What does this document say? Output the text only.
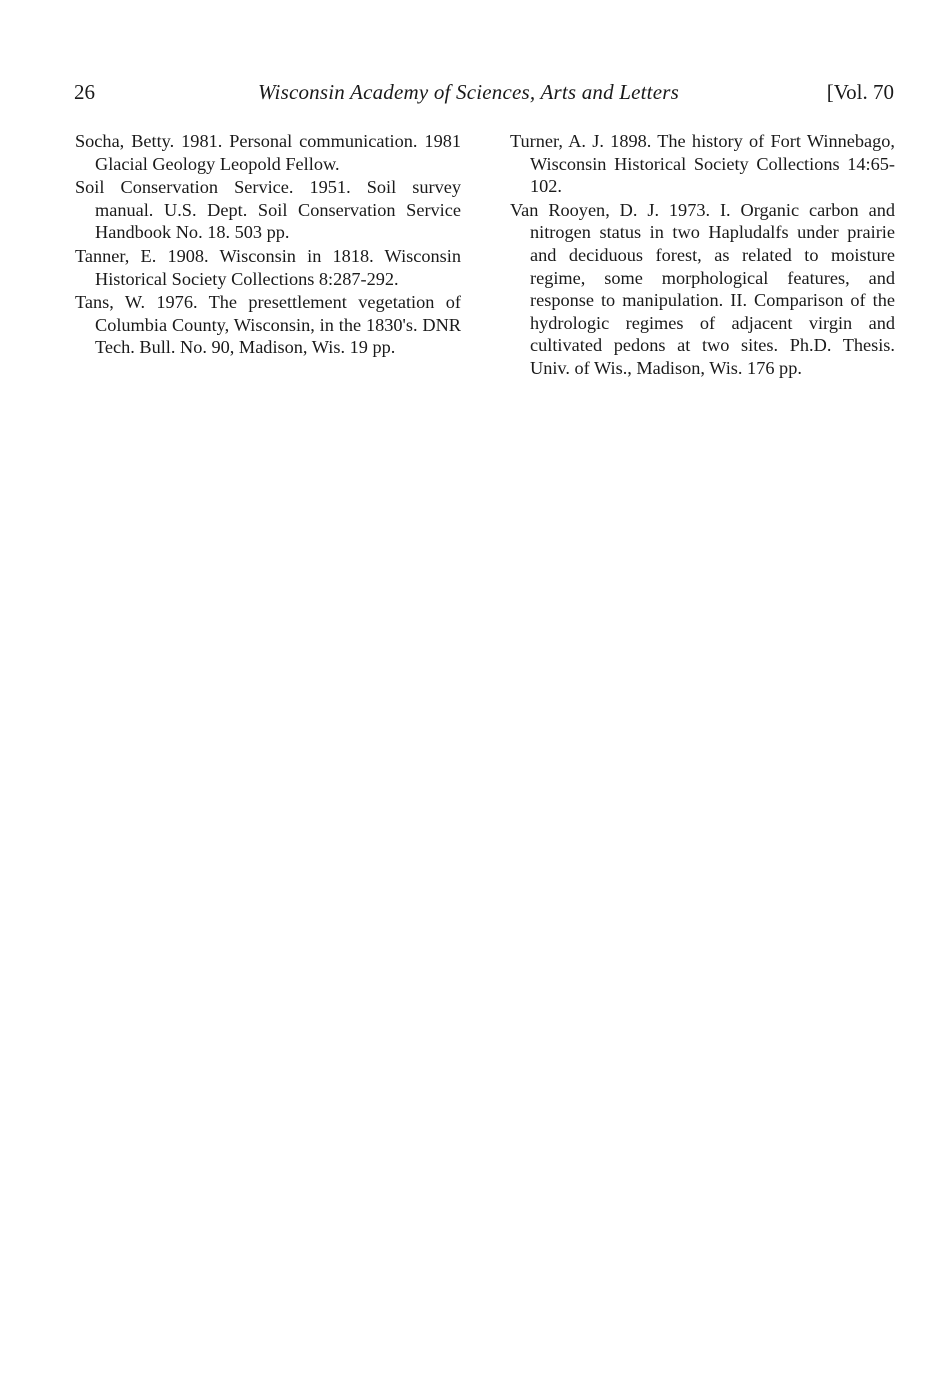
26	Wisconsin Academy of Sciences, Arts and Letters	[Vol. 70

Socha, Betty. 1981. Personal communication. 1981 Glacial Geology Leopold Fellow.

Soil Conservation Service. 1951. Soil survey manual. U.S. Dept. Soil Conservation Service Handbook No. 18. 503 pp.

Tanner, E. 1908. Wisconsin in 1818. Wisconsin Historical Society Collections 8:287-292.

Tans, W. 1976. The presettlement vegetation of Columbia County, Wisconsin, in the 1830's. DNR Tech. Bull. No. 90, Madison, Wis. 19 pp.

Turner, A. J. 1898. The history of Fort Winnebago, Wisconsin Historical Society Collections 14:65-102.

Van Rooyen, D. J. 1973. I. Organic carbon and nitrogen status in two Hapludalfs under prairie and deciduous forest, as related to moisture regime, some morphological features, and response to manipulation. II. Comparison of the hydrologic regimes of adjacent virgin and cultivated pedons at two sites. Ph.D. Thesis. Univ. of Wis., Madison, Wis. 176 pp.
